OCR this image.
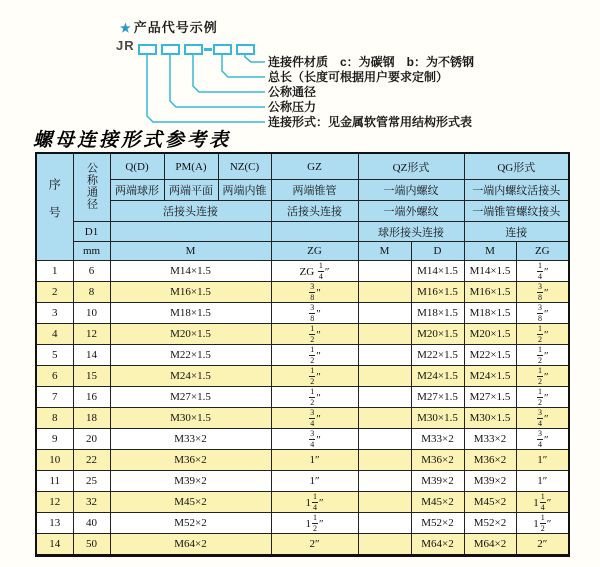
★ 产品代号示例
JR
连接件材质　c：为碳钢　b：为不锈钢
总长（长度可根据用户要求定制）
公称通径
公称压力
连接形式：见金属软管常用结构形式表
螺母连接形式参考表
序号	公称通径	Q(D)	PM(A)	NZ(C)	GZ	QZ形式		QG形式	
		两端球形	两端平面	两端内锥	两端锥管	一端内螺纹		一端内螺纹活接头	
		活接头连接			活接头连接	一端外螺纹		一端锥管螺纹接头	
	D1					球形接头连接		连接	
	mm	M			ZG	M	D	M	ZG
1	6	M14×1.5			ZG $\frac{1}{4}$ ″		M14×1.5	M14×1.5	$\frac{1}{4}$ ″
2	8	M16×1.5			$\frac{3}{8}$ ″		M16×1.5	M16×1.5	$\frac{3}{8}$ ″
3	10	M18×1.5			$\frac{3}{8}$ ″		M18×1.5	M18×1.5	$\frac{3}{8}$ ″
4	12	M20×1.5			$\frac{1}{2}$ ″		M20×1.5	M20×1.5	$\frac{1}{2}$ ″
5	14	M22×1.5			$\frac{1}{2}$ ″		M22×1.5	M22×1.5	$\frac{1}{2}$ ″
6	15	M24×1.5			$\frac{1}{2}$ ″		M24×1.5	M24×1.5	$\frac{1}{2}$ ″
7	16	M27×1.5			$\frac{1}{2}$ ″		M27×1.5	M27×1.5	$\frac{1}{2}$ ″
8	18	M30×1.5			$\frac{3}{4}$ ″		M30×1.5	M30×1.5	$\frac{3}{4}$ ″
9	20	M33×2			$\frac{3}{4}$ ″		M33×2	M33×2	$\frac{3}{4}$ ″
10	22	M36×2			1″		M36×2	M36×2	1″
11	25	M39×2			1″		M39×2	M39×2	1″
12	32	M45×2			$1 \frac{1}{4}$ ″		M45×2	M45×2	$1 \frac{1}{4}$ ″
13	40	M52×2			$1 \frac{1}{2}$ ″		M52×2	M52×2	$1 \frac{1}{2}$ ″
14	50	M64×2			2″		M64×2	M64×2	2″
